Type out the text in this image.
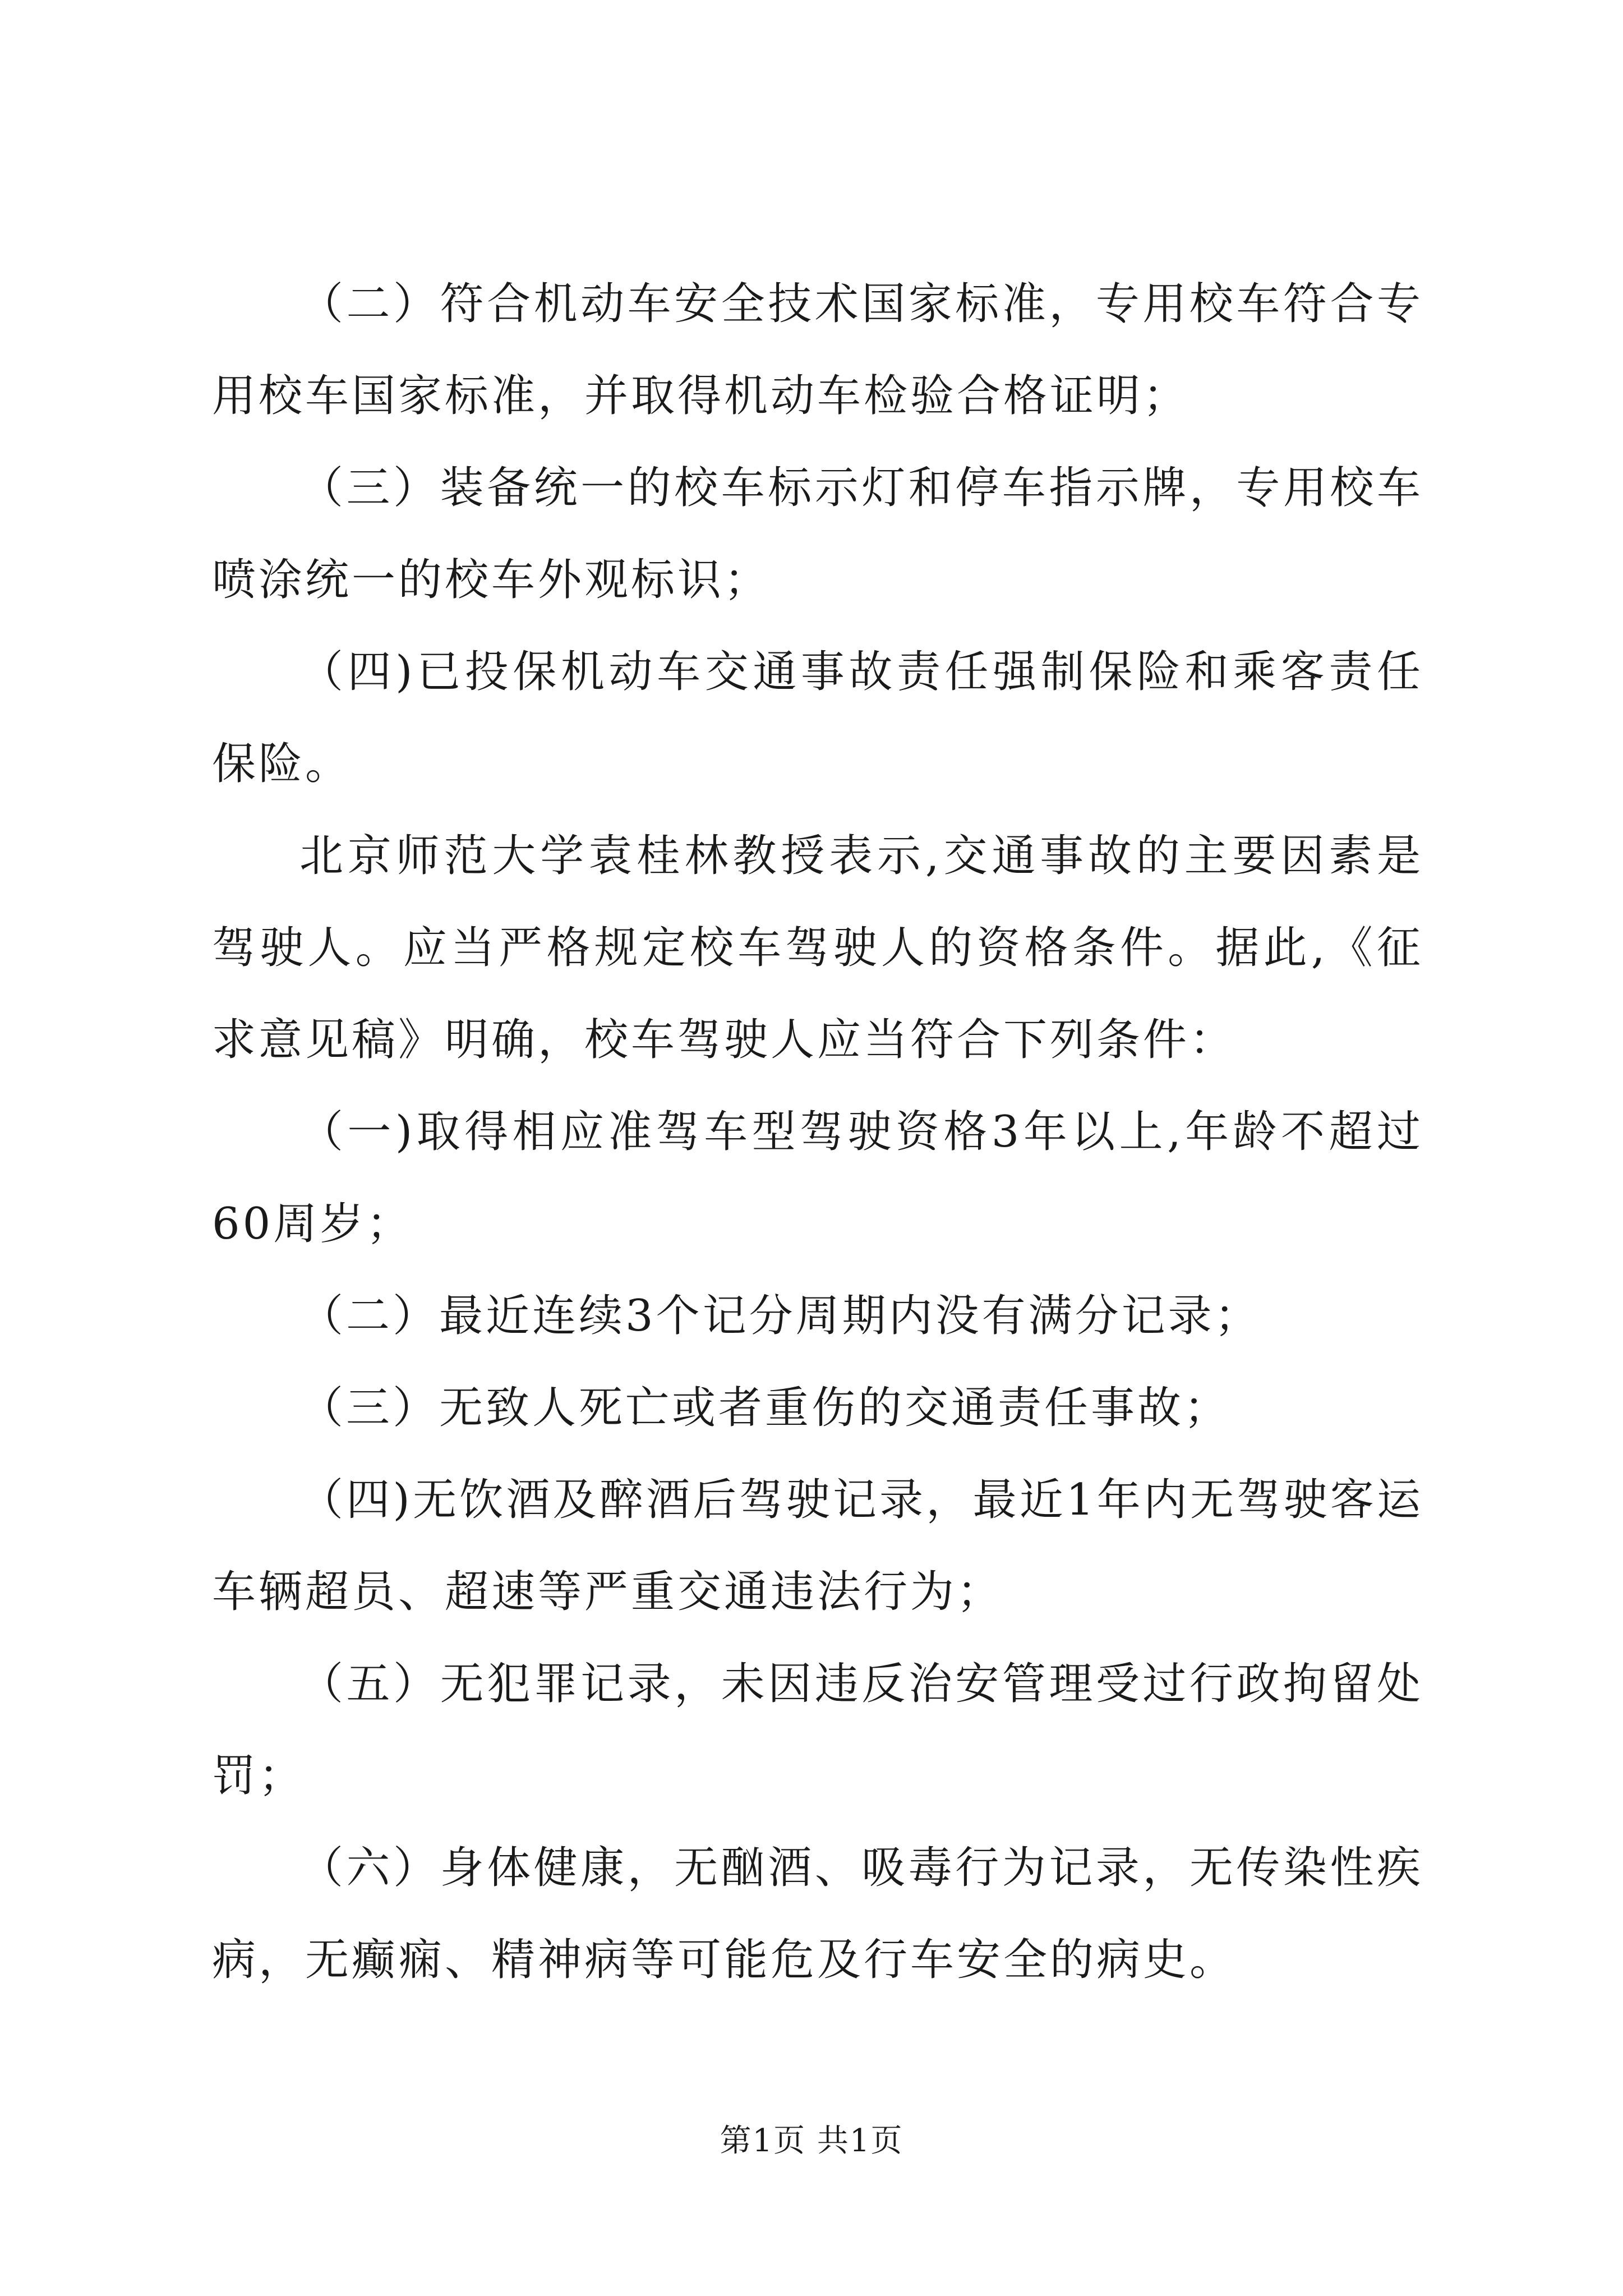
（二）符合机动车安全技术国家标准，专用校车符合专用校车国家标准，并取得机动车检验合格证明；

（三）装备统一的校车标示灯和停车指示牌，专用校车喷涂统一的校车外观标识；

（四)已投保机动车交通事故责任强制保险和乘客责任保险。

北京师范大学袁桂林教授表示,交通事故的主要因素是驾驶人。应当严格规定校车驾驶人的资格条件。据此,《征求意见稿》明确，校车驾驶人应当符合下列条件：

（一)取得相应准驾车型驾驶资格3年以上,年龄不超过60周岁；

（二）最近连续3个记分周期内没有满分记录；

（三）无致人死亡或者重伤的交通责任事故；

（四)无饮酒及醉酒后驾驶记录，最近1年内无驾驶客运车辆超员、超速等严重交通违法行为；

（五）无犯罪记录，未因违反治安管理受过行政拘留处罚；

（六）身体健康，无酗酒、吸毒行为记录，无传染性疾病，无癫痫、精神病等可能危及行车安全的病史。

第1页 共1页
